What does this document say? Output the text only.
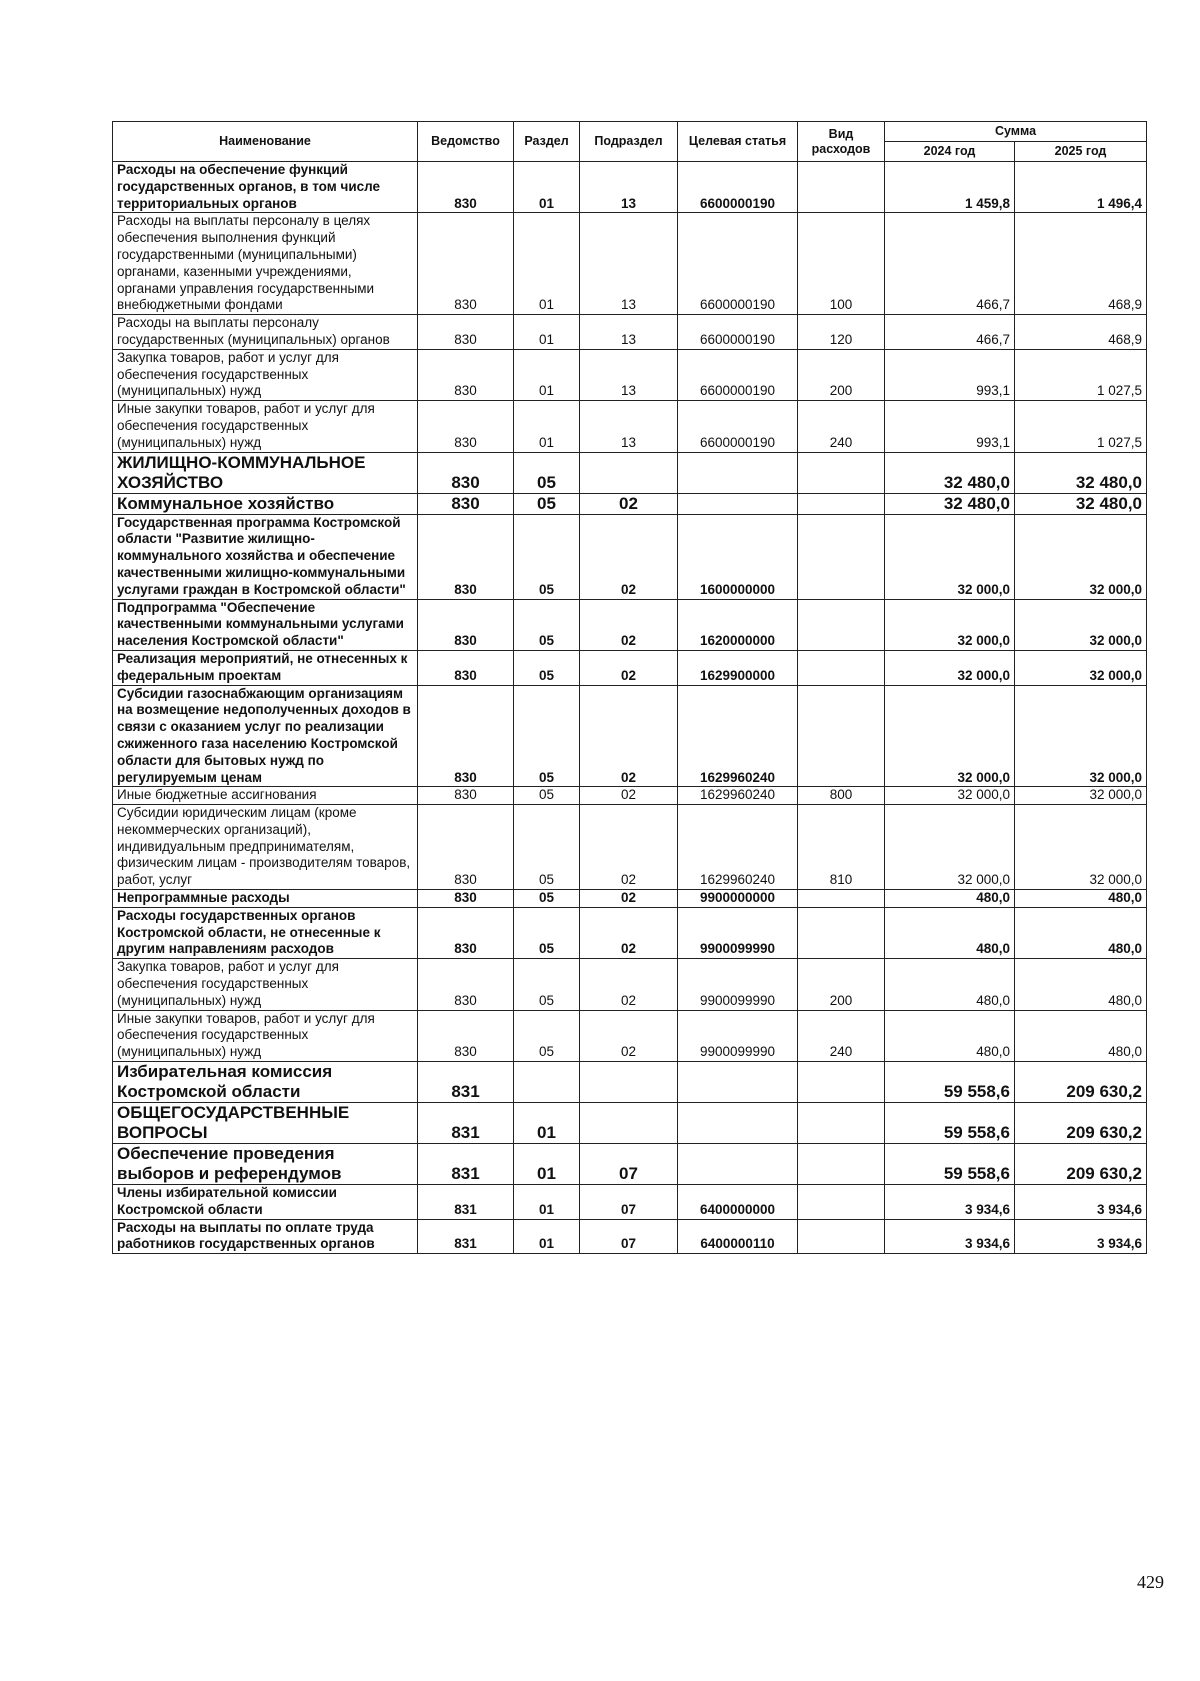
Наименование	Ведомство	Раздел	Подраздел	Целевая статья	Вид расходов	Сумма	
						2024 год	2025 год
Расходы на обеспечение функций государственных органов, в том числе территориальных органов	830	01	13	6600000190		1 459,8	1 496,4
Расходы на выплаты персоналу в целях обеспечения выполнения функций государственными (муниципальными) органами, казенными учреждениями, органами управления государственными внебюджетными фондами	830	01	13	6600000190	100	466,7	468,9
Расходы на выплаты персоналу государственных (муниципальных) органов	830	01	13	6600000190	120	466,7	468,9
Закупка товаров, работ и услуг для обеспечения государственных (муниципальных) нужд	830	01	13	6600000190	200	993,1	1 027,5
Иные закупки товаров, работ и услуг для обеспечения государственных (муниципальных) нужд	830	01	13	6600000190	240	993,1	1 027,5
ЖИЛИЩНО-КОММУНАЛЬНОЕ ХОЗЯЙСТВО	830	05				32 480,0	32 480,0
Коммунальное хозяйство	830	05	02			32 480,0	32 480,0
Государственная программа Костромской области "Развитие жилищно-коммунального хозяйства и обеспечение качественными жилищно-коммунальными услугами граждан в Костромской области"	830	05	02	1600000000		32 000,0	32 000,0
Подпрограмма "Обеспечение качественными коммунальными услугами населения Костромской области"	830	05	02	1620000000		32 000,0	32 000,0
Реализация мероприятий, не отнесенных к федеральным проектам	830	05	02	1629900000		32 000,0	32 000,0
Субсидии газоснабжающим организациям на возмещение недополученных доходов в связи с оказанием услуг по реализации сжиженного газа населению Костромской области для бытовых нужд по регулируемым ценам	830	05	02	1629960240		32 000,0	32 000,0
Иные бюджетные ассигнования	830	05	02	1629960240	800	32 000,0	32 000,0
Субсидии юридическим лицам (кроме некоммерческих организаций), индивидуальным предпринимателям, физическим лицам - производителям товаров, работ, услуг	830	05	02	1629960240	810	32 000,0	32 000,0
Непрограммные расходы	830	05	02	9900000000		480,0	480,0
Расходы государственных органов Костромской области, не отнесенные к другим направлениям расходов	830	05	02	9900099990		480,0	480,0
Закупка товаров, работ и услуг для обеспечения государственных (муниципальных) нужд	830	05	02	9900099990	200	480,0	480,0
Иные закупки товаров, работ и услуг для обеспечения государственных (муниципальных) нужд	830	05	02	9900099990	240	480,0	480,0
Избирательная комиссия Костромской области	831					59 558,6	209 630,2
ОБЩЕГОСУДАРСТВЕННЫЕ ВОПРОСЫ	831	01				59 558,6	209 630,2
Обеспечение проведения выборов и референдумов	831	01	07			59 558,6	209 630,2
Члены избирательной комиссии Костромской области	831	01	07	6400000000		3 934,6	3 934,6
Расходы на выплаты по оплате труда работников государственных органов	831	01	07	6400000110		3 934,6	3 934,6
429
